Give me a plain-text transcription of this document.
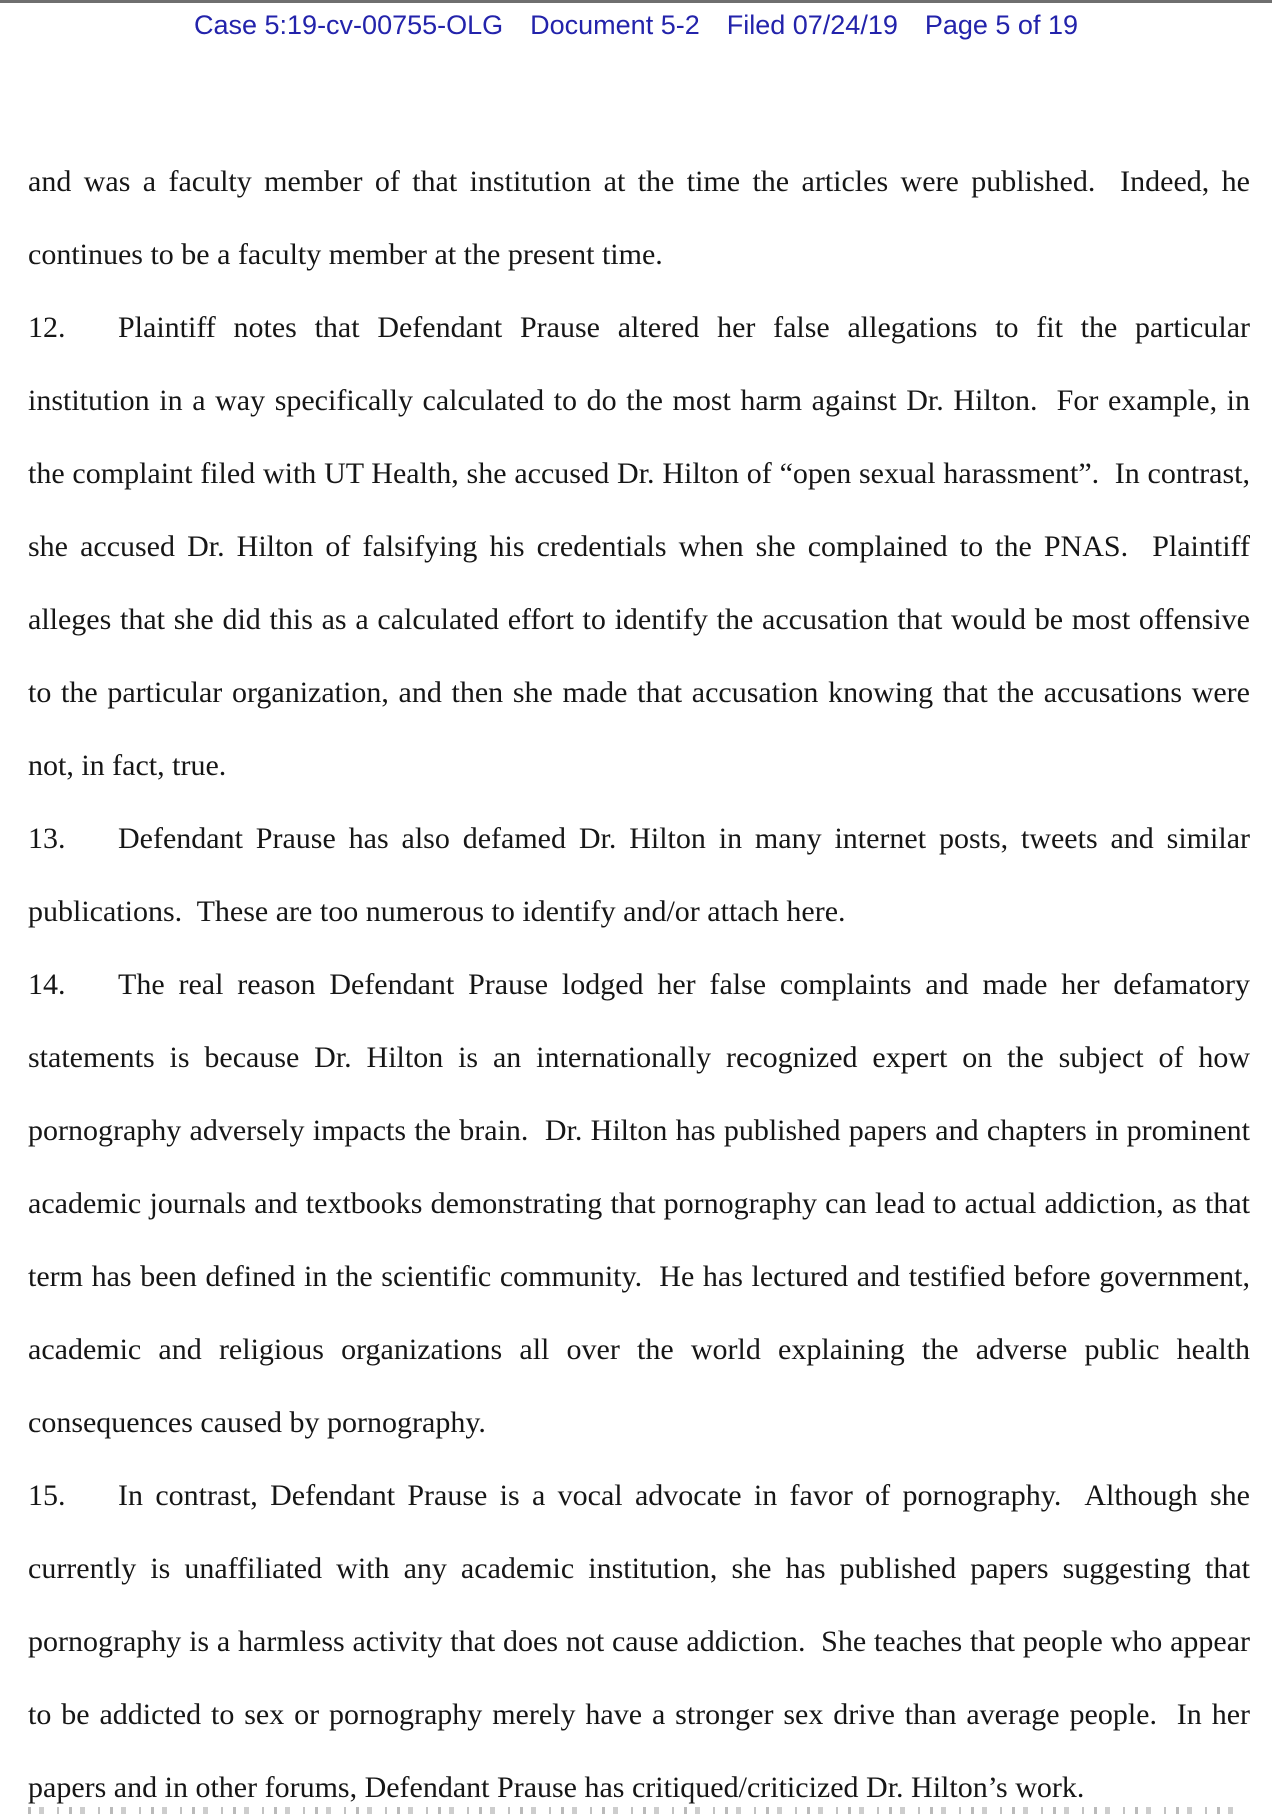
Case 5:19-cv-00755-OLG Document 5-2 Filed 07/24/19 Page 5 of 19

and was a faculty member of that institution at the time the articles were published.  Indeed, he continues to be a faculty member at the present time.

12. Plaintiff notes that Defendant Prause altered her false allegations to fit the particular institution in a way specifically calculated to do the most harm against Dr. Hilton.  For example, in the complaint filed with UT Health, she accused Dr. Hilton of “open sexual harassment”.  In contrast, she accused Dr. Hilton of falsifying his credentials when she complained to the PNAS.  Plaintiff alleges that she did this as a calculated effort to identify the accusation that would be most offensive to the particular organization, and then she made that accusation knowing that the accusations were not, in fact, true.

13. Defendant Prause has also defamed Dr. Hilton in many internet posts, tweets and similar publications.  These are too numerous to identify and/or attach here.

14. The real reason Defendant Prause lodged her false complaints and made her defamatory statements is because Dr. Hilton is an internationally recognized expert on the subject of how pornography adversely impacts the brain.  Dr. Hilton has published papers and chapters in prominent academic journals and textbooks demonstrating that pornography can lead to actual addiction, as that term has been defined in the scientific community.  He has lectured and testified before government, academic and religious organizations all over the world explaining the adverse public health consequences caused by pornography.

15. In contrast, Defendant Prause is a vocal advocate in favor of pornography.  Although she currently is unaffiliated with any academic institution, she has published papers suggesting that pornography is a harmless activity that does not cause addiction.  She teaches that people who appear to be addicted to sex or pornography merely have a stronger sex drive than average people.  In her papers and in other forums, Defendant Prause has critiqued/criticized Dr. Hilton’s work.
